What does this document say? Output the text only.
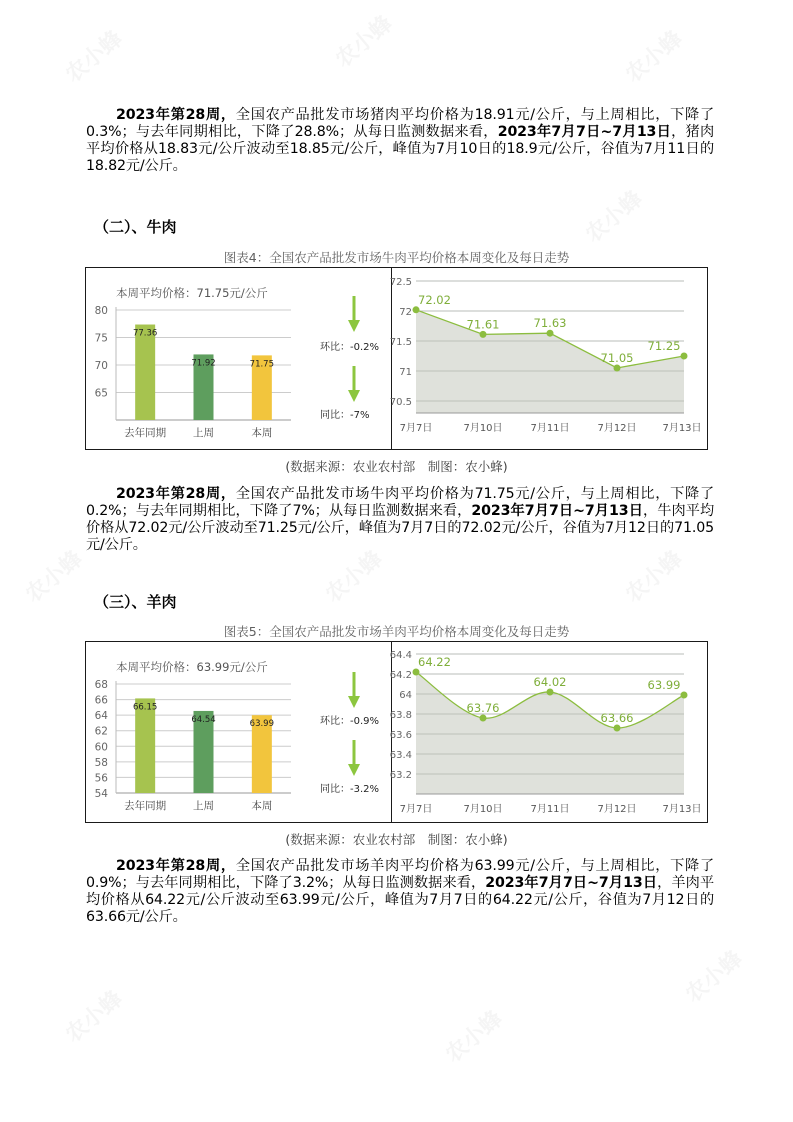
农小蜂	农小蜂	农小蜂
农小蜂
农小蜂	农小蜂	农小蜂
农小蜂	农小蜂
农小蜂
2023年第28周，全国农产品批发市场猪肉平均价格为18.91元/公斤，与上周相比，下降了0.3%；与去年同期相比，下降了28.8%；从每日监测数据来看，2023年7月7日~7月13日，猪肉平均价格从18.83元/公斤波动至18.85元/公斤，峰值为7月10日的18.9元/公斤，谷值为7月11日的18.82元/公斤。
（二）、牛肉
图表4：全国农产品批发市场牛肉平均价格本周变化及每日走势
本周平均价格：71.75元/公斤
65
70
75
80
77.36
去年同期
71.92
上周
71.75
本周
环比：-0.2%
同比：-7%
70.5
71
71.5
72
72.5
72.02
7月7日
71.61
7月10日
71.63
7月11日
71.05
7月12日
71.25
7月13日
(数据来源：农业农村部　制图：农小蜂)
2023年第28周，全国农产品批发市场牛肉平均价格为71.75元/公斤，与上周相比，下降了0.2%；与去年同期相比，下降了7%；从每日监测数据来看，2023年7月7日~7月13日，牛肉平均价格从72.02元/公斤波动至71.25元/公斤，峰值为7月7日的72.02元/公斤，谷值为7月12日的71.05元/公斤。
（三）、羊肉
图表5：全国农产品批发市场羊肉平均价格本周变化及每日走势
本周平均价格：63.99元/公斤
54
56
58
60
62
64
66
68
66.15
去年同期
64.54
上周
63.99
本周
环比：-0.9%
同比：-3.2%
63.2
63.4
63.6
63.8
64
64.2
64.4 64.22
7月7日
63.76
7月10日
64.02
7月11日
63.66
7月12日
63.99
7月13日
(数据来源：农业农村部　制图：农小蜂)
2023年第28周，全国农产品批发市场羊肉平均价格为63.99元/公斤，与上周相比，下降了0.9%；与去年同期相比，下降了3.2%；从每日监测数据来看，2023年7月7日~7月13日，羊肉平均价格从64.22元/公斤波动至63.99元/公斤，峰值为7月7日的64.22元/公斤，谷值为7月12日的63.66元/公斤。
